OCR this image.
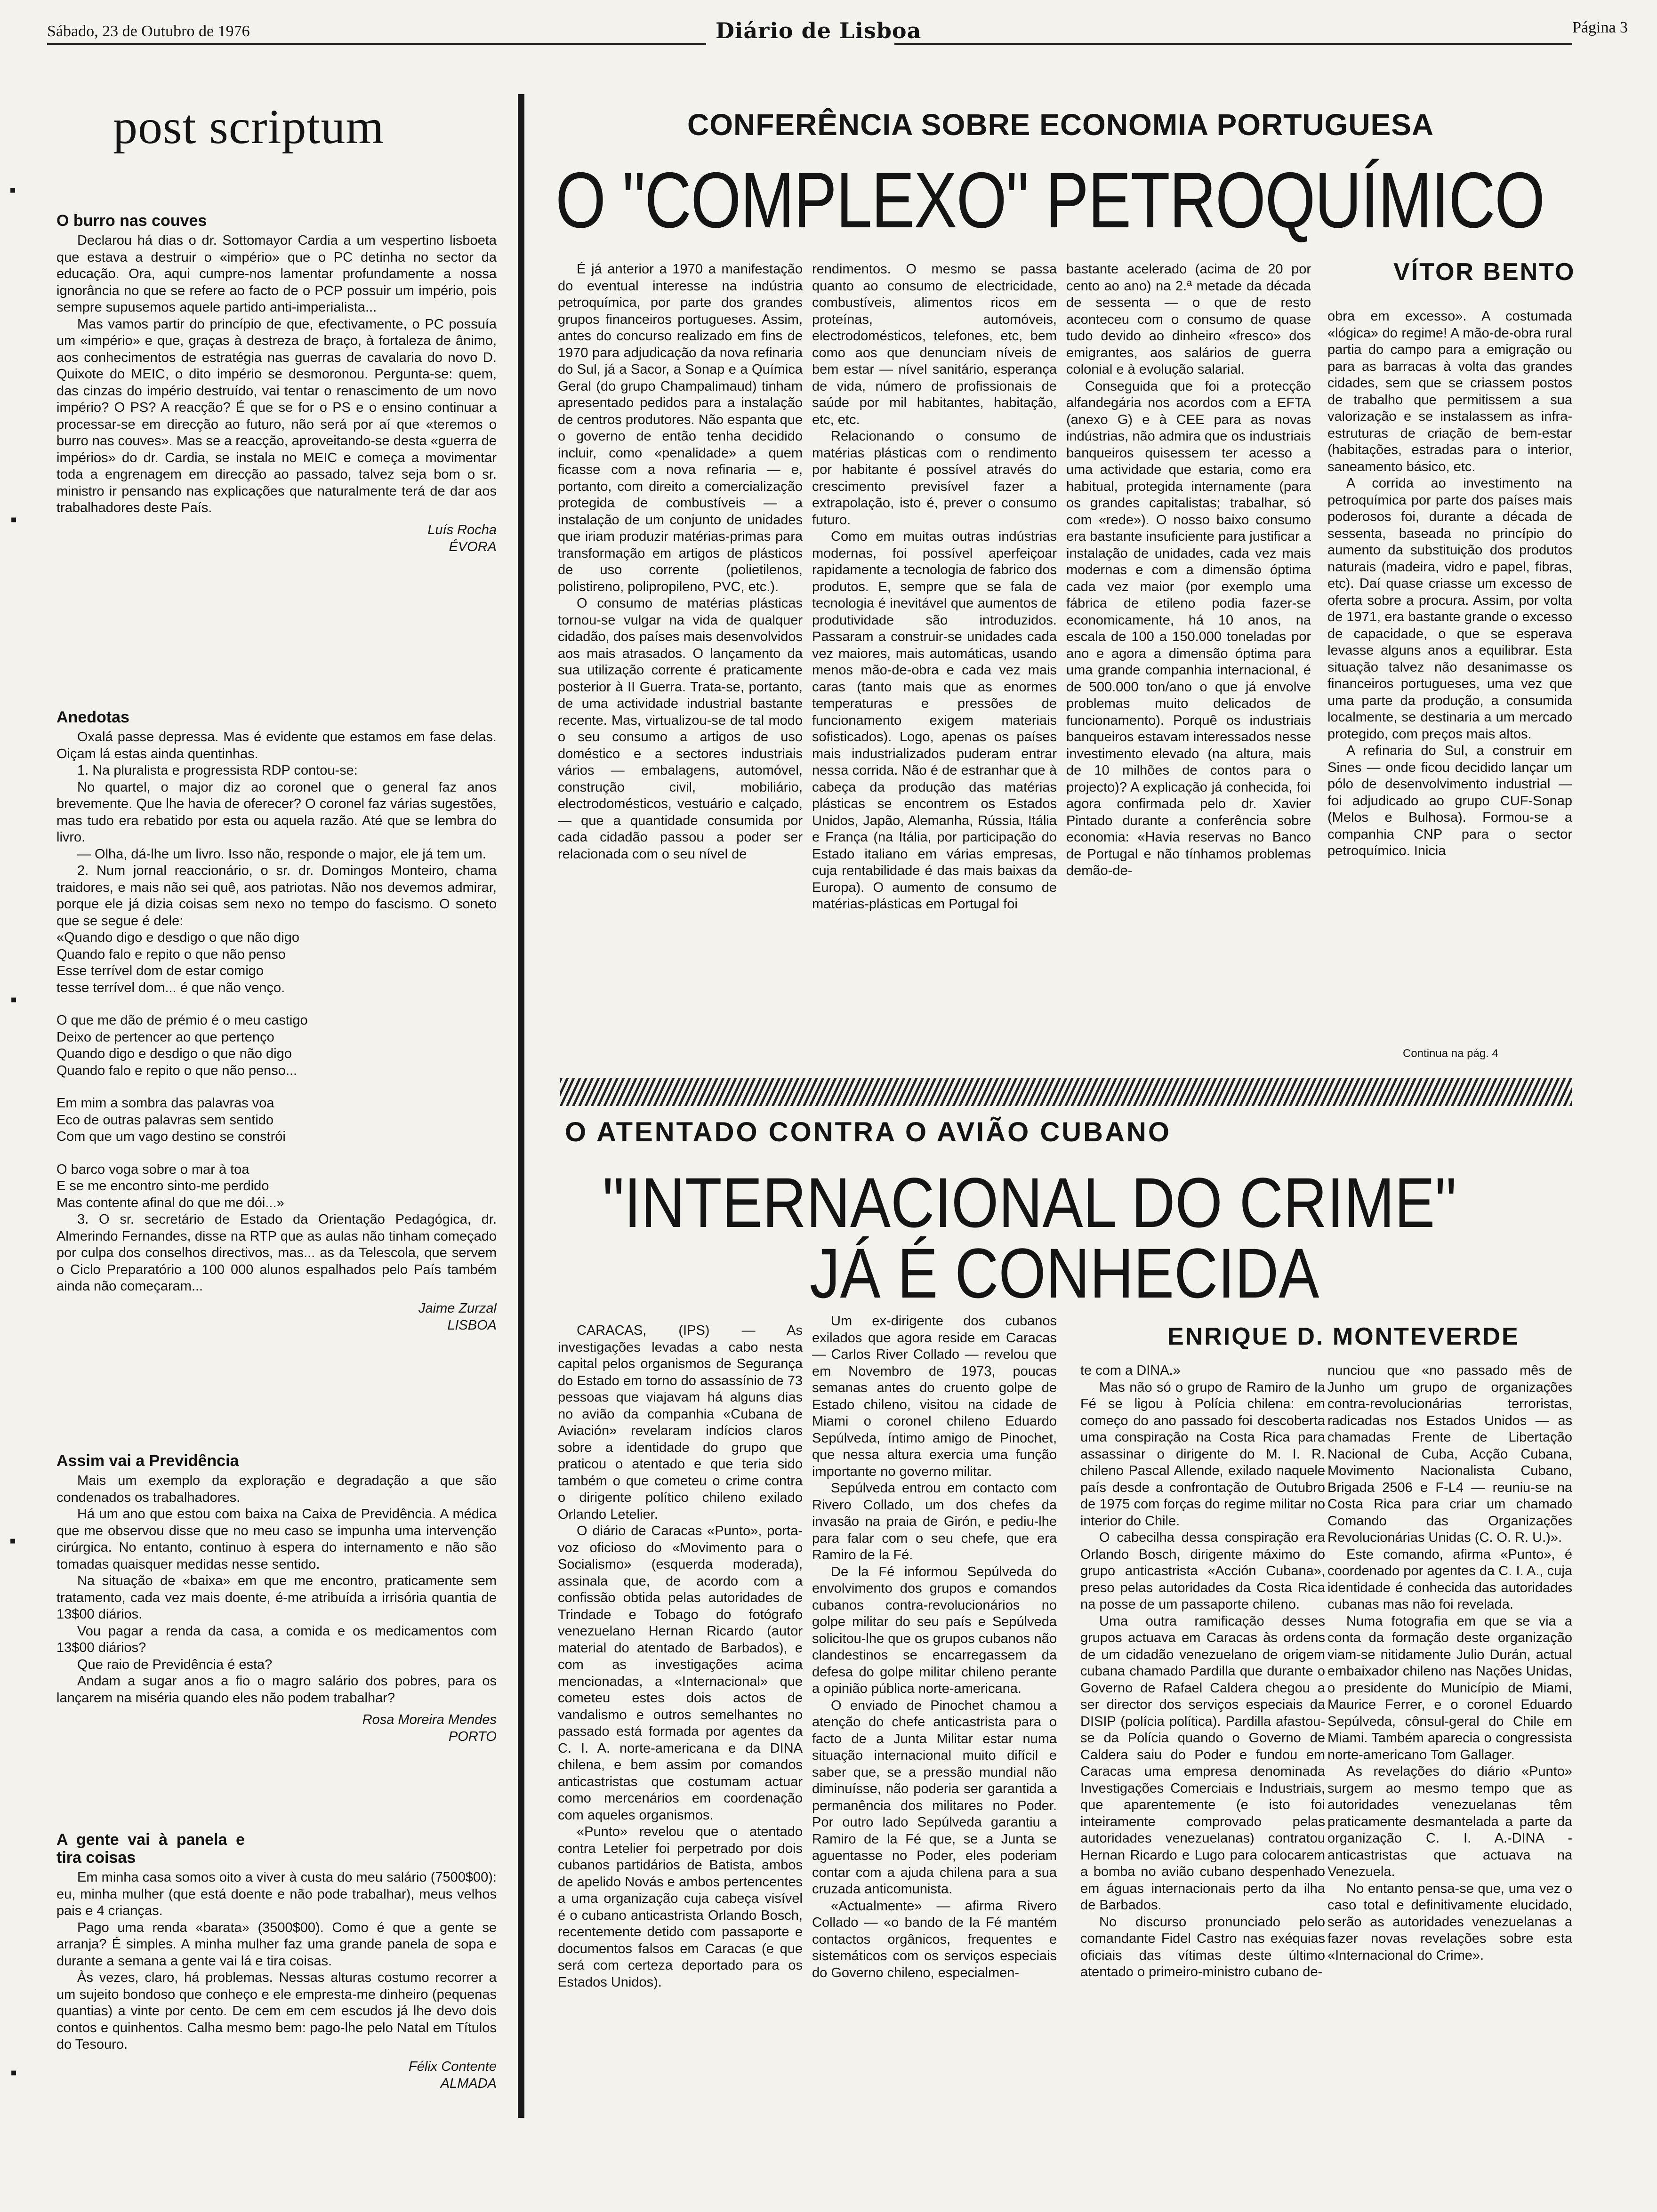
Sábado, 23 de Outubro de 1976	Diário de Lisboa	Página 3
▪
▪
▪
▪
▪
post scriptum
O burro nas couves

Declarou há dias o dr. Sottomayor Cardia a um vespertino lisboeta que estava a destruir o «império» que o PC detinha no sector da educação. Ora, aqui cumpre-nos lamentar profundamente a nossa ignorância no que se refere ao facto de o PCP possuir um império, pois sempre supusemos aquele partido anti-imperialista...

Mas vamos partir do princípio de que, efectivamente, o PC possuía um «império» e que, graças à destreza de braço, à fortaleza de ânimo, aos conhecimentos de estratégia nas guerras de cavalaria do novo D. Quixote do MEIC, o dito império se desmoronou. Pergunta-se: quem, das cinzas do império destruído, vai tentar o renascimento de um novo império? O PS? A reacção? É que se for o PS e o ensino continuar a processar-se em direcção ao futuro, não será por aí que «teremos o burro nas couves». Mas se a reacção, aproveitando-se desta «guerra de impérios» do dr. Cardia, se instala no MEIC e começa a movimentar toda a engrenagem em direcção ao passado, talvez seja bom o sr. ministro ir pensando nas explicações que naturalmente terá de dar aos trabalhadores deste País.

Luís Rocha
ÉVORA
Anedotas

Oxalá passe depressa. Mas é evidente que estamos em fase delas. Oiçam lá estas ainda quentinhas.

1. Na pluralista e progressista RDP contou-se:

No quartel, o major diz ao coronel que o general faz anos brevemente. Que lhe havia de oferecer? O coronel faz várias sugestões, mas tudo era rebatido por esta ou aquela razão. Até que se lembra do livro.

— Olha, dá-lhe um livro. Isso não, responde o major, ele já tem um.

2. Num jornal reaccionário, o sr. dr. Domingos Monteiro, chama traidores, e mais não sei quê, aos patriotas. Não nos devemos admirar, porque ele já dizia coisas sem nexo no tempo do fascismo. O soneto que se segue é dele:

«Quando digo e desdigo o que não digo

Quando falo e repito o que não penso

Esse terrível dom de estar comigo

tesse terrível dom... é que não venço.

O que me dão de prémio é o meu castigo

Deixo de pertencer ao que pertenço

Quando digo e desdigo o que não digo

Quando falo e repito o que não penso...

Em mim a sombra das palavras voa

Eco de outras palavras sem sentido

Com que um vago destino se constrói

O barco voga sobre o mar à toa

E se me encontro sinto-me perdido

Mas contente afinal do que me dói...»

3. O sr. secretário de Estado da Orientação Pedagógica, dr. Almerindo Fernandes, disse na RTP que as aulas não tinham começado por culpa dos conselhos directivos, mas... as da Telescola, que servem o Ciclo Preparatório a 100 000 alunos espalhados pelo País também ainda não começaram...

Jaime Zurzal
LISBOA
Assim vai a Previdência

Mais um exemplo da exploração e degradação a que são condenados os trabalhadores.

Há um ano que estou com baixa na Caixa de Previdência. A médica que me observou disse que no meu caso se impunha uma intervenção cirúrgica. No entanto, continuo à espera do internamento e não são tomadas quaisquer medidas nesse sentido.

Na situação de «baixa» em que me encontro, praticamente sem tratamento, cada vez mais doente, é-me atribuída a irrisória quantia de 13$00 diários.

Vou pagar a renda da casa, a comida e os medicamentos com 13$00 diários?

Que raio de Previdência é esta?

Andam a sugar anos a fio o magro salário dos pobres, para os lançarem na miséria quando eles não podem trabalhar?

Rosa Moreira Mendes
PORTO
A gente vai à panela e tira coisas

Em minha casa somos oito a viver à custa do meu salário (7500$00): eu, minha mulher (que está doente e não pode trabalhar), meus velhos pais e 4 crianças.

Pago uma renda «barata» (3500$00). Como é que a gente se arranja? É simples. A minha mulher faz uma grande panela de sopa e durante a semana a gente vai lá e tira coisas.

Às vezes, claro, há problemas. Nessas alturas costumo recorrer a um sujeito bondoso que conheço e ele empresta-me dinheiro (pequenas quantias) a vinte por cento. De cem em cem escudos já lhe devo dois contos e quinhentos. Calha mesmo bem: pago-lhe pelo Natal em Títulos do Tesouro.

Félix Contente
ALMADA
CONFERÊNCIA SOBRE ECONOMIA PORTUGUESA
O "COMPLEXO" PETROQUÍMICO
VÍTOR BENTO

É já anterior a 1970 a manifestação do eventual interesse na indústria petroquímica, por parte dos grandes grupos financeiros portugueses. Assim, antes do concurso realizado em fins de 1970 para adjudicação da nova refinaria do Sul, já a Sacor, a Sonap e a Química Geral (do grupo Champalimaud) tinham apresentado pedidos para a instalação de centros produtores. Não espanta que o governo de então tenha decidido incluir, como «penalidade» a quem ficasse com a nova refinaria — e, portanto, com direito a comercialização protegida de combustíveis — a instalação de um conjunto de unidades que iriam produzir matérias-primas para transformação em artigos de plásticos de uso corrente (polietilenos, polistireno, polipropileno, PVC, etc.).

O consumo de matérias plásticas tornou-se vulgar na vida de qualquer cidadão, dos países mais desenvolvidos aos mais atrasados. O lançamento da sua utilização corrente é praticamente posterior à II Guerra. Trata-se, portanto, de uma actividade industrial bastante recente. Mas, virtualizou-se de tal modo o seu consumo a artigos de uso doméstico e a sectores industriais vários — embalagens, automóvel, construção civil, mobiliário, electrodomésticos, vestuário e calçado, — que a quantidade consumida por cada cidadão passou a poder ser relacionada com o seu nível de

rendimentos. O mesmo se passa quanto ao consumo de electricidade, combustíveis, alimentos ricos em proteínas, automóveis, electrodomésticos, telefones, etc, bem como aos que denunciam níveis de bem estar — nível sanitário, esperança de vida, número de profissionais de saúde por mil habitantes, habitação, etc, etc.

Relacionando o consumo de matérias plásticas com o rendimento por habitante é possível através do crescimento previsível fazer a extrapolação, isto é, prever o consumo futuro.

Como em muitas outras indústrias modernas, foi possível aperfeiçoar rapidamente a tecnologia de fabrico dos produtos. E, sempre que se fala de tecnologia é inevitável que aumentos de produtividade são introduzidos. Passaram a construir-se unidades cada vez maiores, mais automáticas, usando menos mão-de-obra e cada vez mais caras (tanto mais que as enormes temperaturas e pressões de funcionamento exigem materiais sofisticados). Logo, apenas os países mais industrializados puderam entrar nessa corrida. Não é de estranhar que à cabeça da produção das matérias plásticas se encontrem os Estados Unidos, Japão, Alemanha, Rússia, Itália e França (na Itália, por participação do Estado italiano em várias empresas, cuja rentabilidade é das mais baixas da Europa). O aumento de consumo de matérias-plásticas em Portugal foi

bastante acelerado (acima de 20 por cento ao ano) na 2.ª metade da década de sessenta — o que de resto aconteceu com o consumo de quase tudo devido ao dinheiro «fresco» dos emigrantes, aos salários de guerra colonial e à evolução salarial.

Conseguida que foi a protecção alfandegária nos acordos com a EFTA (anexo G) e à CEE para as novas indústrias, não admira que os industriais banqueiros quisessem ter acesso a uma actividade que estaria, como era habitual, protegida internamente (para os grandes capitalistas; trabalhar, só com «rede»). O nosso baixo consumo era bastante insuficiente para justificar a instalação de unidades, cada vez mais modernas e com a dimensão óptima cada vez maior (por exemplo uma fábrica de etileno podia fazer-se economicamente, há 10 anos, na escala de 100 a 150.000 toneladas por ano e agora a dimensão óptima para uma grande companhia internacional, é de 500.000 ton/ano o que já envolve problemas muito delicados de funcionamento). Porquê os industriais banqueiros estavam interessados nesse investimento elevado (na altura, mais de 10 milhões de contos para o projecto)? A explicação já conhecida, foi agora confirmada pelo dr. Xavier Pintado durante a conferência sobre economia: «Havia reservas no Banco de Portugal e não tínhamos problemas demão-de-

obra em excesso». A costumada «lógica» do regime! A mão-de-obra rural partia do campo para a emigração ou para as barracas à volta das grandes cidades, sem que se criassem postos de trabalho que permitissem a sua valorização e se instalassem as infra-estruturas de criação de bem-estar (habitações, estradas para o interior, saneamento básico, etc.

A corrida ao investimento na petroquímica por parte dos países mais poderosos foi, durante a década de sessenta, baseada no princípio do aumento da substituição dos produtos naturais (madeira, vidro e papel, fibras, etc). Daí quase criasse um excesso de oferta sobre a procura. Assim, por volta de 1971, era bastante grande o excesso de capacidade, o que se esperava levasse alguns anos a equilibrar. Esta situação talvez não desanimasse os financeiros portugueses, uma vez que uma parte da produção, a consumida localmente, se destinaria a um mercado protegido, com preços mais altos.

A refinaria do Sul, a construir em Sines — onde ficou decidido lançar um pólo de desenvolvimento industrial — foi adjudicado ao grupo CUF-Sonap (Melos e Bulhosa). Formou-se a companhia CNP para o sector petroquímico. Inicia

Continua na pág. 4
O ATENTADO CONTRA O AVIÃO CUBANO
"INTERNACIONAL DO CRIME"
JÁ É CONHECIDA
ENRIQUE D. MONTEVERDE

CARACAS, (IPS) — As investigações levadas a cabo nesta capital pelos organismos de Segurança do Estado em torno do assassínio de 73 pessoas que viajavam há alguns dias no avião da companhia «Cubana de Aviación» revelaram indícios claros sobre a identidade do grupo que praticou o atentado e que teria sido também o que cometeu o crime contra o dirigente político chileno exilado Orlando Letelier.

O diário de Caracas «Punto», porta-voz oficioso do «Movimento para o Socialismo» (esquerda moderada), assinala que, de acordo com a confissão obtida pelas autoridades de Trindade e Tobago do fotógrafo venezuelano Hernan Ricardo (autor material do atentado de Barbados), e com as investigações acima mencionadas, a «Internacional» que cometeu estes dois actos de vandalismo e outros semelhantes no passado está formada por agentes da C. I. A. norte-americana e da DINA chilena, e bem assim por comandos anticastristas que costumam actuar como mercenários em coordenação com aqueles organismos.

«Punto» revelou que o atentado contra Letelier foi perpetrado por dois cubanos partidários de Batista, ambos de apelido Novás e ambos pertencentes a uma organização cuja cabeça visível é o cubano anticastrista Orlando Bosch, recentemente detido com passaporte e documentos falsos em Caracas (e que será com certeza deportado para os Estados Unidos).

Um ex-dirigente dos cubanos exilados que agora reside em Caracas — Carlos River Collado — revelou que em Novembro de 1973, poucas semanas antes do cruento golpe de Estado chileno, visitou na cidade de Miami o coronel chileno Eduardo Sepúlveda, íntimo amigo de Pinochet, que nessa altura exercia uma função importante no governo militar.

Sepúlveda entrou em contacto com Rivero Collado, um dos chefes da invasão na praia de Girón, e pediu-lhe para falar com o seu chefe, que era Ramiro de la Fé.

De la Fé informou Sepúlveda do envolvimento dos grupos e comandos cubanos contra-revolucionários no golpe militar do seu país e Sepúlveda solicitou-lhe que os grupos cubanos não clandestinos se encarregassem da defesa do golpe militar chileno perante a opinião pública norte-americana.

O enviado de Pinochet chamou a atenção do chefe anticastrista para o facto de a Junta Militar estar numa situação internacional muito difícil e saber que, se a pressão mundial não diminuísse, não poderia ser garantida a permanência dos militares no Poder. Por outro lado Sepúlveda garantiu a Ramiro de la Fé que, se a Junta se aguentasse no Poder, eles poderiam contar com a ajuda chilena para a sua cruzada anticomunista.

«Actualmente» — afirma Rivero Collado — «o bando de la Fé mantém contactos orgânicos, frequentes e sistemáticos com os serviços especiais do Governo chileno, especialmen-

te com a DINA.»

Mas não só o grupo de Ramiro de la Fé se ligou à Polícia chilena: em começo do ano passado foi descoberta uma conspiração na Costa Rica para assassinar o dirigente do M. I. R. chileno Pascal Allende, exilado naquele país desde a confrontação de Outubro de 1975 com forças do regime militar no interior do Chile.

O cabecilha dessa conspiração era Orlando Bosch, dirigente máximo do grupo anticastrista «Acción Cubana», preso pelas autoridades da Costa Rica na posse de um passaporte chileno.

Uma outra ramificação desses grupos actuava em Caracas às ordens de um cidadão venezuelano de origem cubana chamado Pardilla que durante o Governo de Rafael Caldera chegou a ser director dos serviços especiais da DISIP (polícia política). Pardilla afastou-se da Polícia quando o Governo de Caldera saiu do Poder e fundou em Caracas uma empresa denominada Investigações Comerciais e Industriais, que aparentemente (e isto foi inteiramente comprovado pelas autoridades venezuelanas) contratou Hernan Ricardo e Lugo para colocarem a bomba no avião cubano despenhado em águas internacionais perto da ilha de Barbados.

No discurso pronunciado pelo comandante Fidel Castro nas exéquias oficiais das vítimas deste último atentado o primeiro-ministro cubano de-

nunciou que «no passado mês de Junho um grupo de organizações contra-revolucionárias terroristas, radicadas nos Estados Unidos — as chamadas Frente de Libertação Nacional de Cuba, Acção Cubana, Movimento Nacionalista Cubano, Brigada 2506 e F-L4 — reuniu-se na Costa Rica para criar um chamado Comando das Organizações Revolucionárias Unidas (C. O. R. U.)».

Este comando, afirma «Punto», é coordenado por agentes da C. I. A., cuja identidade é conhecida das autoridades cubanas mas não foi revelada.

Numa fotografia em que se via a conta da formação deste organização viam-se nitidamente Julio Durán, actual embaixador chileno nas Nações Unidas, o presidente do Município de Miami, Maurice Ferrer, e o coronel Eduardo Sepúlveda, cônsul-geral do Chile em Miami. Também aparecia o congressista norte-americano Tom Gallager.

As revelações do diário «Punto» surgem ao mesmo tempo que as autoridades venezuelanas têm praticamente desmantelada a parte da organização C. I. A.-DINA - anticastristas que actuava na Venezuela.

No entanto pensa-se que, uma vez o caso total e definitivamente elucidado, serão as autoridades venezuelanas a fazer novas revelações sobre esta «Internacional do Crime».
